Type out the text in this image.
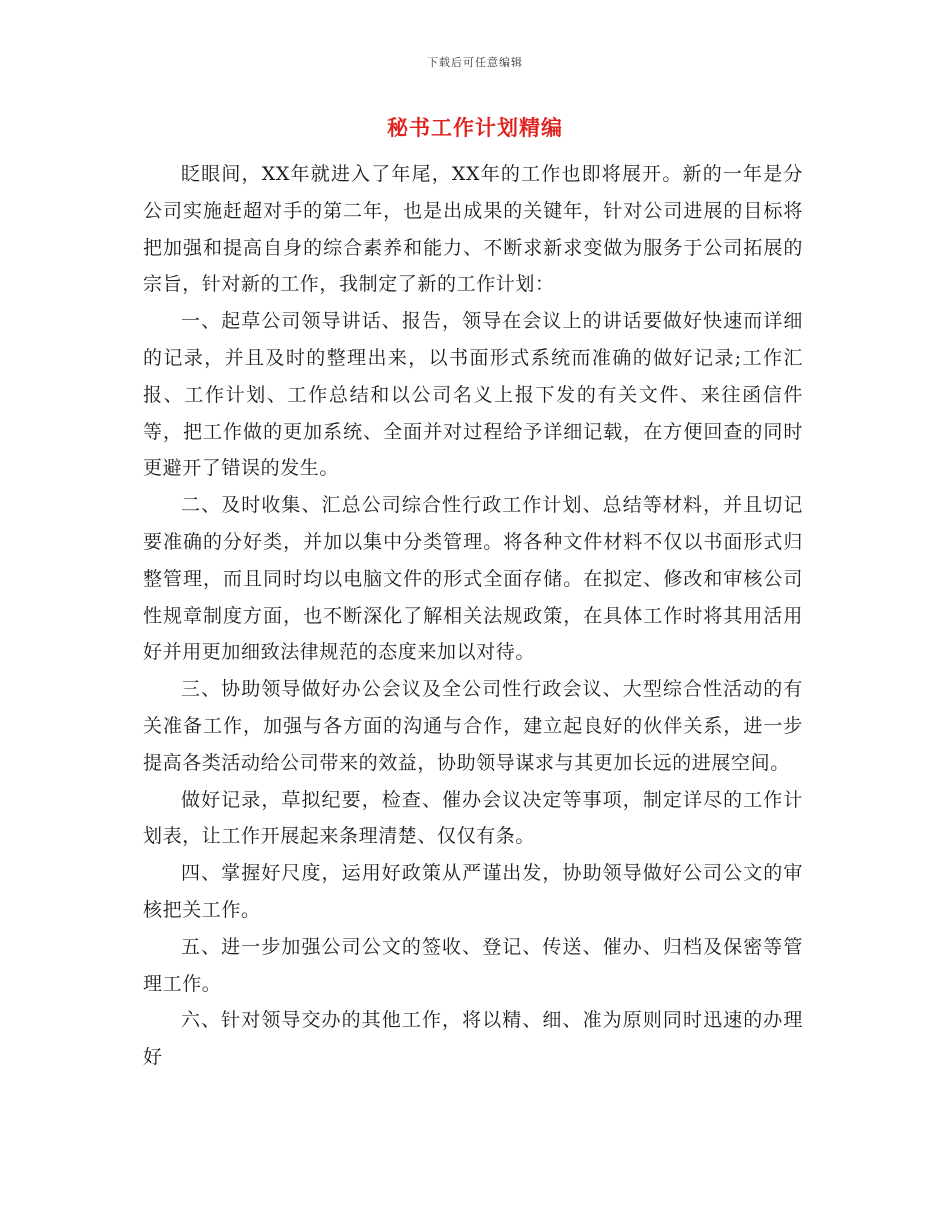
下载后可任意编辑
秘书工作计划精编

眨眼间，XX年就进入了年尾，XX年的工作也即将展开。新的一年是分公司实施赶超对手的第二年，也是出成果的关键年，针对公司进展的目标将把加强和提高自身的综合素养和能力、不断求新求变做为服务于公司拓展的宗旨，针对新的工作，我制定了新的工作计划：

一、起草公司领导讲话、报告，领导在会议上的讲话要做好快速而详细的记录，并且及时的整理出来，以书面形式系统而准确的做好记录;工作汇报、工作计划、工作总结和以公司名义上报下发的有关文件、来往函信件等，把工作做的更加系统、全面并对过程给予详细记载，在方便回查的同时更避开了错误的发生。

二、及时收集、汇总公司综合性行政工作计划、总结等材料，并且切记要准确的分好类，并加以集中分类管理。将各种文件材料不仅以书面形式归整管理，而且同时均以电脑文件的形式全面存储。在拟定、修改和审核公司性规章制度方面，也不断深化了解相关法规政策，在具体工作时将其用活用好并用更加细致法律规范的态度来加以对待。

三、协助领导做好办公会议及全公司性行政会议、大型综合性活动的有关准备工作，加强与各方面的沟通与合作，建立起良好的伙伴关系，进一步提高各类活动给公司带来的效益，协助领导谋求与其更加长远的进展空间。

做好记录，草拟纪要，检查、催办会议决定等事项，制定详尽的工作计划表，让工作开展起来条理清楚、仅仅有条。

四、掌握好尺度，运用好政策从严谨出发，协助领导做好公司公文的审核把关工作。

五、进一步加强公司公文的签收、登记、传送、催办、归档及保密等管理工作。

六、针对领导交办的其他工作，将以精、细、准为原则同时迅速的办理好
